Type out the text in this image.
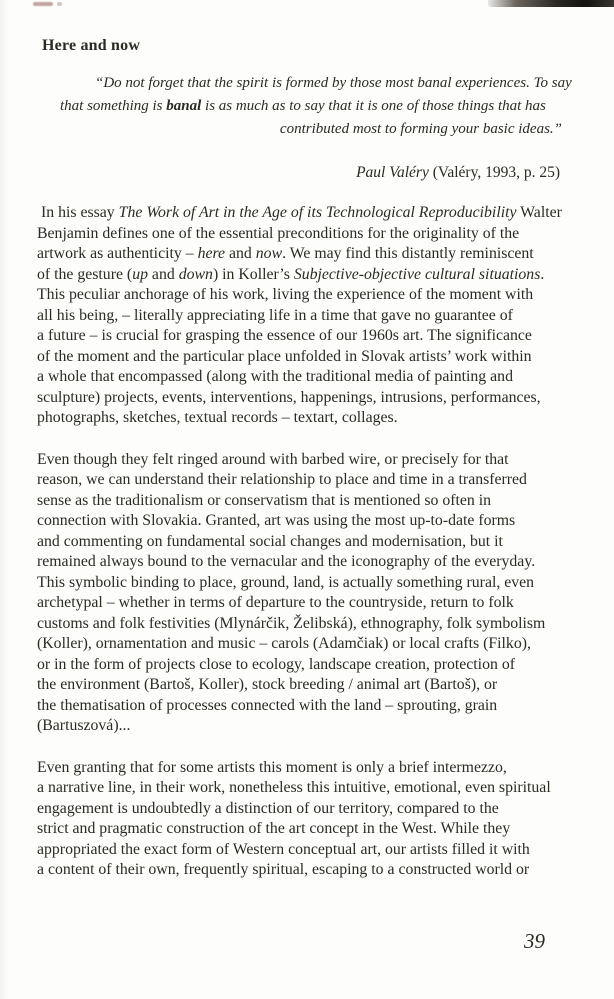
Here and now
“Do not forget that the spirit is formed by those most banal experiences. To say
that something is banal is as much as to say that it is one of those things that has
contributed most to forming your basic ideas.”
Paul Valéry (Valéry, 1993, p. 25)
In his essay The Work of Art in the Age of its Technological Reproducibility Walter
Benjamin defines one of the essential preconditions for the originality of the
artwork as authenticity – here and now. We may find this distantly reminiscent
of the gesture (up and down) in Koller’s Subjective-objective cultural situations.
This peculiar anchorage of his work, living the experience of the moment with
all his being, – literally appreciating life in a time that gave no guarantee of
a future – is crucial for grasping the essence of our 1960s art. The significance
of the moment and the particular place unfolded in Slovak artists’ work within
a whole that encompassed (along with the traditional media of painting and
sculpture) projects, events, interventions, happenings, intrusions, performances,
photographs, sketches, textual records – textart, collages.
Even though they felt ringed around with barbed wire, or precisely for that
reason, we can understand their relationship to place and time in a transferred
sense as the traditionalism or conservatism that is mentioned so often in
connection with Slovakia. Granted, art was using the most up-to-date forms
and commenting on fundamental social changes and modernisation, but it
remained always bound to the vernacular and the iconography of the everyday.
This symbolic binding to place, ground, land, is actually something rural, even
archetypal – whether in terms of departure to the countryside, return to folk
customs and folk festivities (Mlynárčik, Želibská), ethnography, folk symbolism
(Koller), ornamentation and music – carols (Adamčiak) or local crafts (Filko),
or in the form of projects close to ecology, landscape creation, protection of
the environment (Bartoš, Koller), stock breeding / animal art (Bartoš), or
the thematisation of processes connected with the land – sprouting, grain
(Bartuszová)...
Even granting that for some artists this moment is only a brief intermezzo,
a narrative line, in their work, nonetheless this intuitive, emotional, even spiritual
engagement is undoubtedly a distinction of our territory, compared to the
strict and pragmatic construction of the art concept in the West. While they
appropriated the exact form of Western conceptual art, our artists filled it with
a content of their own, frequently spiritual, escaping to a constructed world or
39
